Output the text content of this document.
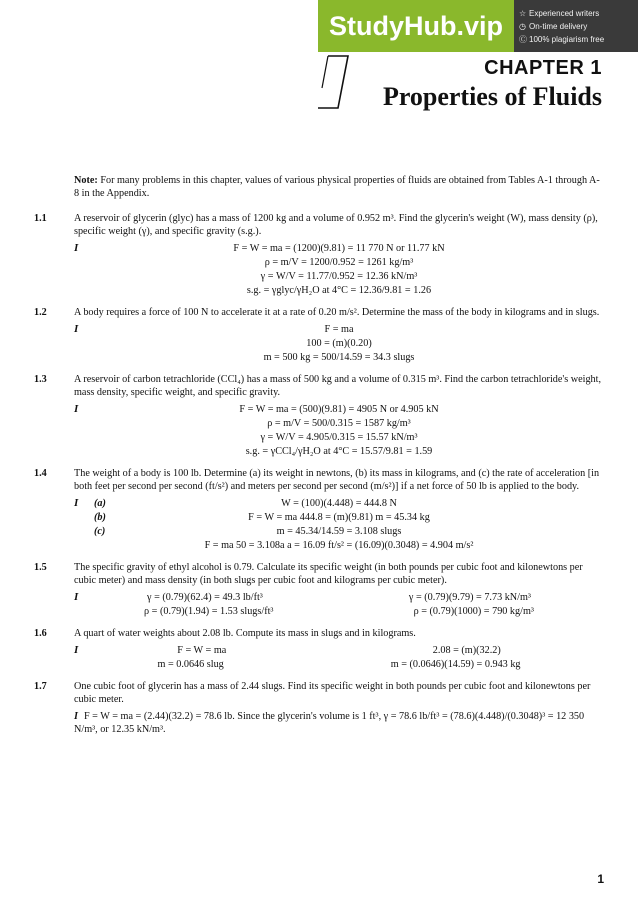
StudyHub.vip	☆ Experienced writers
◷ On-time delivery
Ⓒ 100% plagiarism free
CHAPTER 1
Properties of Fluids
Note: For many problems in this chapter, values of various physical properties of fluids are obtained from Tables A-1 through A-8 in the Appendix.
1.1	A reservoir of glycerin (glyc) has a mass of 1200 kg and a volume of 0.952 m³. Find the glycerin's weight (W), mass density (ρ), specific weight (γ), and specific gravity (s.g.).
I	F = W = ma = (1200)(9.81) = 11 770 N or 11.77 kN
ρ = m/V = 1200/0.952 = 1261 kg/m³
γ = W/V = 11.77/0.952 = 12.36 kN/m³
s.g. = γglyc/γH₂O at 4°C = 12.36/9.81 = 1.26
1.2	A body requires a force of 100 N to accelerate it at a rate of 0.20 m/s². Determine the mass of the body in kilograms and in slugs.
I	F = ma
100 = (m)(0.20)
m = 500 kg = 500/14.59 = 34.3 slugs
1.3	A reservoir of carbon tetrachloride (CCl₄) has a mass of 500 kg and a volume of 0.315 m³. Find the carbon tetrachloride's weight, mass density, specific weight, and specific gravity.
I	F = W = ma = (500)(9.81) = 4905 N or 4.905 kN
ρ = m/V = 500/0.315 = 1587 kg/m³
γ = W/V = 4.905/0.315 = 15.57 kN/m³
s.g. = γCCl₄/γH₂O at 4°C = 15.57/9.81 = 1.59
1.4	The weight of a body is 100 lb. Determine (a) its weight in newtons, (b) its mass in kilograms, and (c) the rate of acceleration [in both feet per second per second (ft/s²) and meters per second per second (m/s²)] if a net force of 50 lb is applied to the body.
I (a)	W = (100)(4.448) = 444.8 N
(b)	F = W = ma 444.8 = (m)(9.81) m = 45.34 kg
(c)	m = 45.34/14.59 = 3.108 slugs
F = ma 50 = 3.108a a = 16.09 ft/s² = (16.09)(0.3048) = 4.904 m/s²
1.5	The specific gravity of ethyl alcohol is 0.79. Calculate its specific weight (in both pounds per cubic foot and kilonewtons per cubic meter) and mass density (in both slugs per cubic foot and kilograms per cubic meter).
I	γ = (0.79)(62.4) = 49.3 lb/ft³	γ = (0.79)(9.79) = 7.73 kN/m³
ρ = (0.79)(1.94) = 1.53 slugs/ft³	ρ = (0.79)(1000) = 790 kg/m³
1.6	A quart of water weights about 2.08 lb. Compute its mass in slugs and in kilograms.
I	F = W = ma	2.08 = (m)(32.2)
m = 0.0646 slug	m = (0.0646)(14.59) = 0.943 kg
1.7	One cubic foot of glycerin has a mass of 2.44 slugs. Find its specific weight in both pounds per cubic foot and kilonewtons per cubic meter.
I F = W = ma = (2.44)(32.2) = 78.6 lb. Since the glycerin's volume is 1 ft³, γ = 78.6 lb/ft³ = (78.6)(4.448)/(0.3048)³ = 12 350 N/m³, or 12.35 kN/m³.
1
